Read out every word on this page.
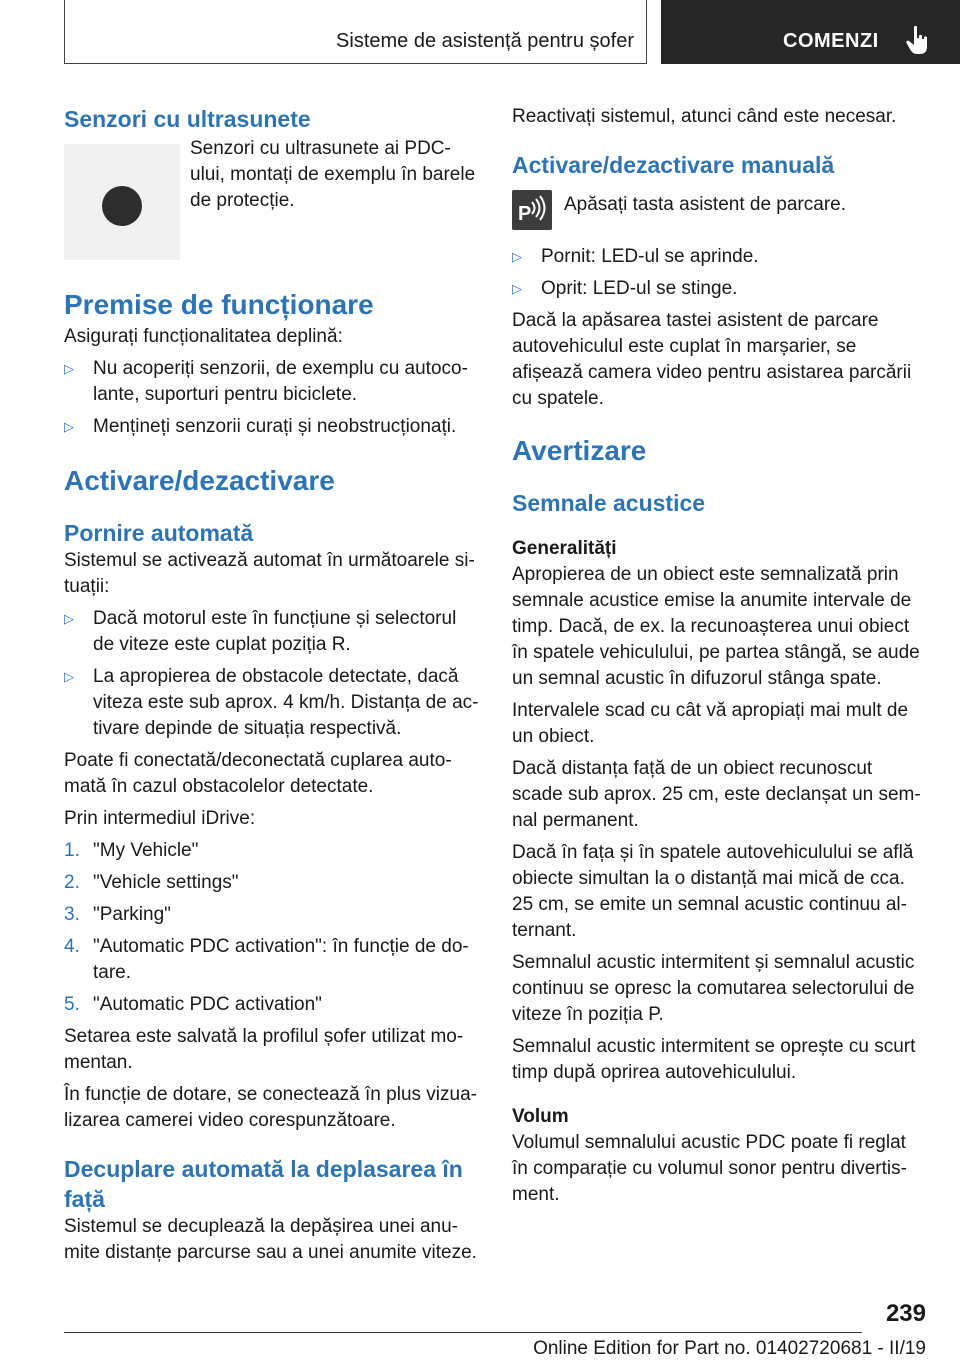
Sisteme de asistență pentru șofer	COMENZI
Senzori cu ultrasunete
Senzori cu ultrasunete ai PDC-ului, montați de exemplu în barele de protecție.
Premise de funcționare

Asigurați funcționalitatea deplină:

▷ Nu acoperiți senzorii, de exemplu cu autocolante, suporturi pentru biciclete.
▷ Mențineți senzorii curați și neobstrucționați.
Activare/dezactivare
Pornire automată

Sistemul se activează automat în următoarele situații:

▷ Dacă motorul este în funcțiune și selectorul de viteze este cuplat poziția R.
▷ La apropierea de obstacole detectate, dacă viteza este sub aprox. 4 km/h. Distanța de activare depinde de situația respectivă.

Poate fi conectată/deconectată cuplarea automată în cazul obstacolelor detectate.

Prin intermediul iDrive:

1. "My Vehicle"
2. "Vehicle settings"
3. "Parking"
4. "Automatic PDC activation": în funcție de dotare.
5. "Automatic PDC activation"

Setarea este salvată la profilul șofer utilizat momentan.

În funcție de dotare, se conectează în plus vizualizarea camerei video corespunzătoare.

Decuplare automată la deplasarea în față

Sistemul se decuplează la depășirea unei anumite distanțe parcurse sau a unei anumite viteze.

Reactivați sistemul, atunci când este necesar.

Activare/dezactivare manuală
P Apăsați tasta asistent de parcare.
▷ Pornit: LED-ul se aprinde.
▷ Oprit: LED-ul se stinge.

Dacă la apăsarea tastei asistent de parcare autovehiculul este cuplat în marșarier, se afișează camera video pentru asistarea parcării cu spatele.

Avertizare
Semnale acustice
Generalități

Apropierea de un obiect este semnalizată prin semnale acustice emise la anumite intervale de timp. Dacă, de ex. la recunoașterea unui obiect în spatele vehiculului, pe partea stângă, se aude un semnal acustic în difuzorul stânga spate.

Intervalele scad cu cât vă apropiați mai mult de un obiect.

Dacă distanța față de un obiect recunoscut scade sub aprox. 25 cm, este declanșat un semnal permanent.

Dacă în fața și în spatele autovehiculului se află obiecte simultan la o distanță mai mică de cca. 25 cm, se emite un semnal acustic continuu alternant.

Semnalul acustic intermitent și semnalul acustic continuu se opresc la comutarea selectorului de viteze în poziția P.

Semnalul acustic intermitent se oprește cu scurt timp după oprirea autovehiculului.

Volum

Volumul semnalului acustic PDC poate fi reglat în comparație cu volumul sonor pentru divertisment.

239
Online Edition for Part no. 01402720681 - II/19
